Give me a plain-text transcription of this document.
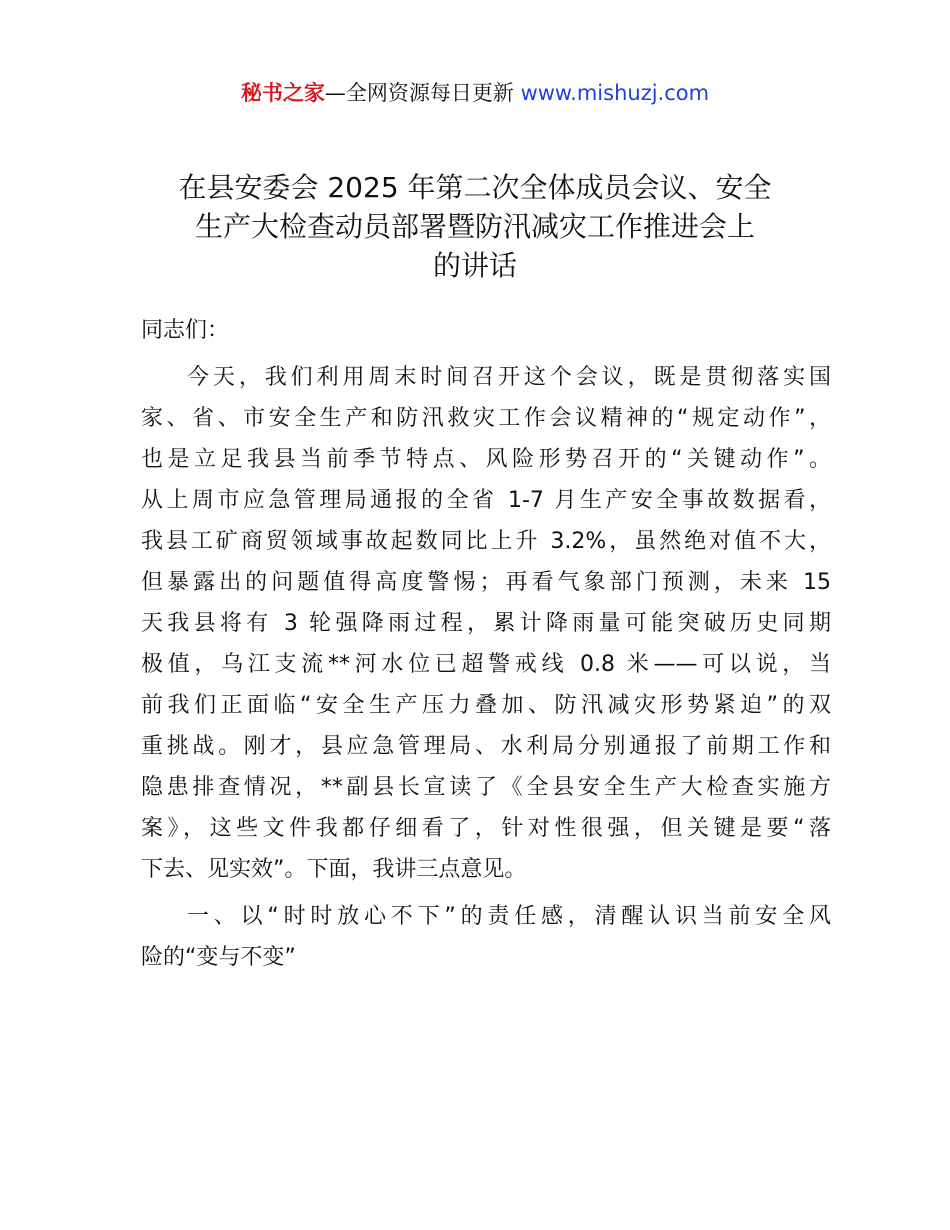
秘书之家—全网资源每日更新 www.mishuzj.com
在县安委会 2025 年第二次全体成员会议、安全
生产大检查动员部署暨防汛减灾工作推进会上
的讲话
同志们：
今天，我们利用周末时间召开这个会议，既是贯彻落实国
家、省、市安全生产和防汛救灾工作会议精神的“规定动作”，
也是立足我县当前季节特点、风险形势召开的“关键动作”。
从上周市应急管理局通报的全省 1-7 月生产安全事故数据看，
我县工矿商贸领域事故起数同比上升 3.2%，虽然绝对值不大，
但暴露出的问题值得高度警惕；再看气象部门预测，未来 15
天我县将有 3 轮强降雨过程，累计降雨量可能突破历史同期
极值，乌江支流**河水位已超警戒线 0.8 米——可以说，当
前我们正面临“安全生产压力叠加、防汛减灾形势紧迫”的双
重挑战。刚才，县应急管理局、水利局分别通报了前期工作和
隐患排查情况，**副县长宣读了《全县安全生产大检查实施方
案》，这些文件我都仔细看了，针对性很强，但关键是要“落
下去、见实效”。下面，我讲三点意见。
一、以“时时放心不下”的责任感，清醒认识当前安全风
险的“变与不变”
